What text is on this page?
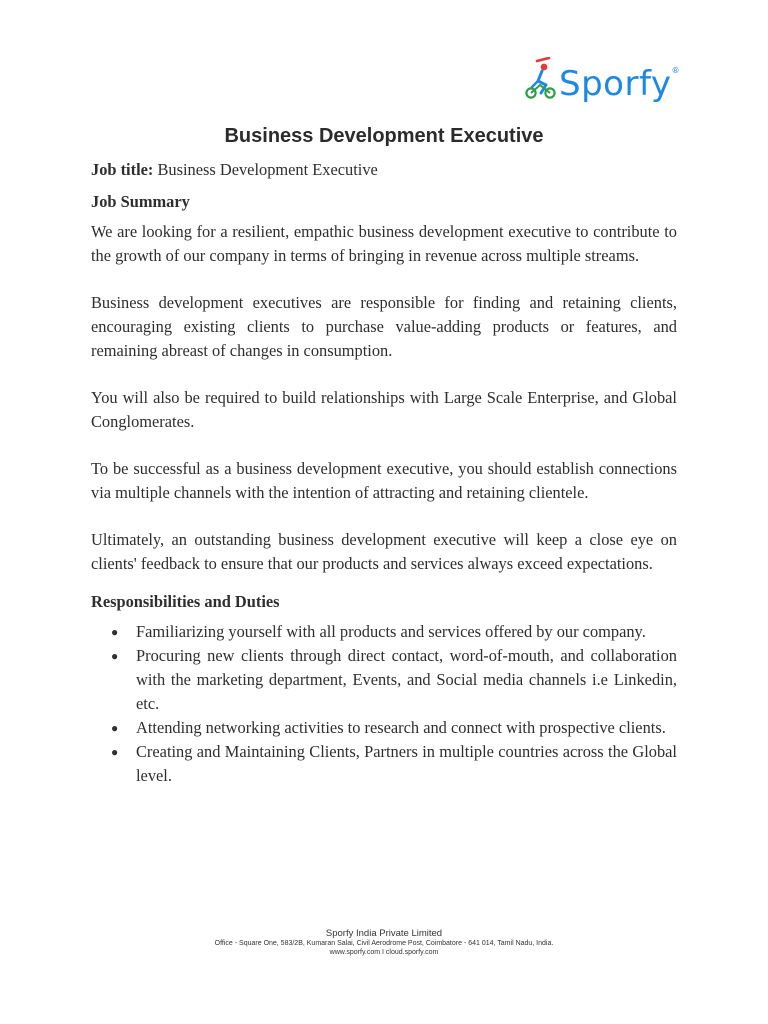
Sporfy ®
Business Development Executive

Job title: Business Development Executive

Job Summary

We are looking for a resilient, empathic business development executive to contribute to the growth of our company in terms of bringing in revenue across multiple streams.

Business development executives are responsible for finding and retaining clients, encouraging existing clients to purchase value-adding products or features, and remaining abreast of changes in consumption.

You will also be required to build relationships with Large Scale Enterprise, and Global Conglomerates.

To be successful as a business development executive, you should establish connections via multiple channels with the intention of attracting and retaining clientele.

Ultimately, an outstanding business development executive will keep a close eye on clients' feedback to ensure that our products and services always exceed expectations.

Responsibilities and Duties

● Familiarizing yourself with all products and services offered by our company.
● Procuring new clients through direct contact, word-of-mouth, and collaboration with the marketing department, Events, and Social media channels i.e Linkedin, etc.
● Attending networking activities to research and connect with prospective clients.
● Creating and Maintaining Clients, Partners in multiple countries across the Global level.
Sporfy India Private Limited
Office - Square One, 583/2B, Kumaran Salai, Civil Aerodrome Post, Coimbatore - 641 014, Tamil Nadu, India.
www.sporfy.com I cloud.sporfy.com
